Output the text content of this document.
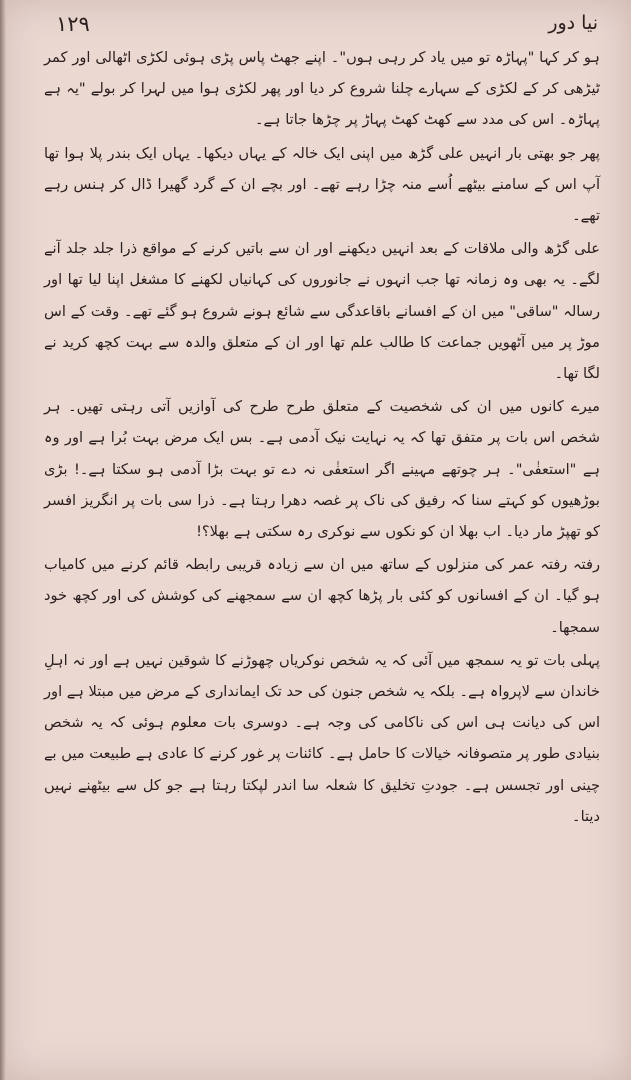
۱۲۹	نیا دور

ہو کر کہا "پہاڑہ تو میں یاد کر رہی ہوں"۔ اپنے جھٹ پاس پڑی ہوئی لکڑی اٹھالی اور کمر ٹیڑھی کر کے لکڑی کے سہارے چلنا شروع کر دیا اور پھر لکڑی ہوا میں لہرا کر بولے "یہ ہے پہاڑہ۔ اس کی مدد سے کھٹ کھٹ پہاڑ پر چڑھا جاتا ہے۔

پھر جو بھتی بار انہیں علی گڑھ میں اپنی ایک خالہ کے یہاں دیکھا۔ یہاں ایک بندر پلا ہوا تھا آپ اس کے سامنے بیٹھے اُسے منہ چڑا رہے تھے۔ اور بچے ان کے گرد گھیرا ڈال کر ہنس رہے تھے۔

علی گڑھ والی ملاقات کے بعد انہیں دیکھنے اور ان سے باتیں کرنے کے مواقع ذرا جلد جلد آنے لگے۔ یہ بھی وہ زمانہ تھا جب انہوں نے جانوروں کی کہانیاں لکھنے کا مشغل اپنا لیا تھا اور رسالہ "ساقی" میں ان کے افسانے باقاعدگی سے شائع ہونے شروع ہو گئے تھے۔ وقت کے اس موڑ پر میں آٹھویں جماعت کا طالب علم تھا اور ان کے متعلق والدہ سے بہت کچھ کرید نے لگا تھا۔

میرے کانوں میں ان کی شخصیت کے متعلق طرح طرح کی آوازیں آتی رہتی تھیں۔ ہر شخص اس بات پر متفق تھا کہ یہ نہایت نیک آدمی ہے۔ بس ایک مرض بہت بُرا ہے اور وہ ہے "استعفٰی"۔ ہر چوتھے مہینے اگر استعفٰی نہ دے تو بہت بڑا آدمی ہو سکتا ہے۔! بڑی بوڑھیوں کو کہتے سنا کہ رفیق کی ناک پر غصہ دھرا رہتا ہے۔ ذرا سی بات پر انگریز افسر کو تھپڑ مار دیا۔ اب بھلا ان کو نکوں سے نوکری رہ سکتی ہے بھلا؟!

رفتہ رفتہ عمر کی منزلوں کے ساتھ میں ان سے زیادہ قریبی رابطہ قائم کرنے میں کامیاب ہو گیا۔ ان کے افسانوں کو کئی بار پڑھا کچھ ان سے سمجھنے کی کوشش کی اور کچھ خود سمجھا۔

پہلی بات تو یہ سمجھ میں آئی کہ یہ شخص نوکریاں چھوڑنے کا شوقین نہیں ہے اور نہ اہلِ خاندان سے لاپرواہ ہے۔ بلکہ یہ شخص جنون کی حد تک ایمانداری کے مرض میں مبتلا ہے اور اس کی دیانت ہی اس کی ناکامی کی وجہ ہے۔ دوسری بات معلوم ہوئی کہ یہ شخص بنیادی طور پر متصوفانہ خیالات کا حامل ہے۔ کائنات پر غور کرنے کا عادی ہے طبیعت میں بے چینی اور تجسس ہے۔ جودتِ تخلیق کا شعلہ سا اندر لپکتا رہتا ہے جو کل سے بیٹھنے نہیں دیتا۔
